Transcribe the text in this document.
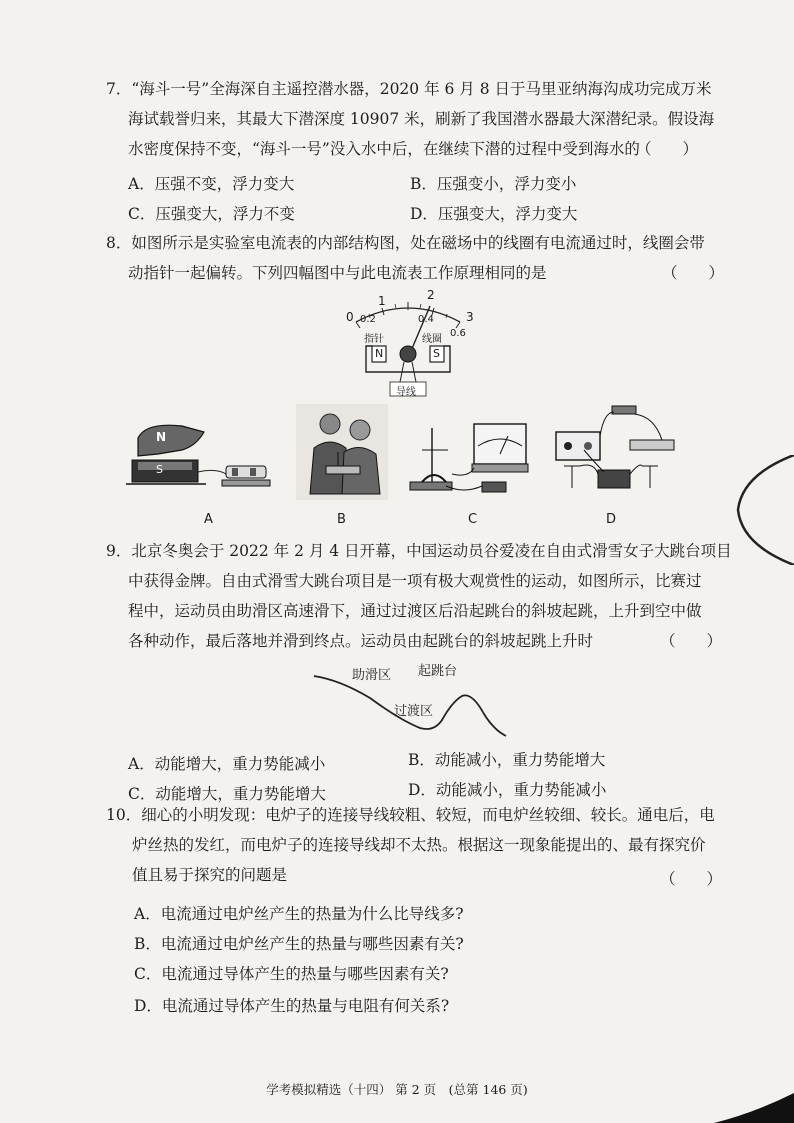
7．“海斗一号”全海深自主遥控潜水器，2020 年 6 月 8 日于马里亚纳海沟成功完成万米
海试载誉归来，其最大下潜深度 10907 米，刷新了我国潜水器最大深潜纪录。假设海
水密度保持不变，“海斗一号”没入水中后，在继续下潜的过程中受到海水的
（　　）
A．压强不变，浮力变大	B．压强变小，浮力变小
C．压强变大，浮力不变	D．压强变大，浮力变大
8．如图所示是实验室电流表的内部结构图，处在磁场中的线圈有电流通过时，线圈会带
动指针一起偏转。下列四幅图中与此电流表工作原理相同的是	（　　）
0
1	2
3
0.2	0.4
0.6
指针	线圈
N	S
导线
N
S
A	B	C	D
9．北京冬奥会于 2022 年 2 月 4 日开幕，中国运动员谷爱凌在自由式滑雪女子大跳台项目
中获得金牌。自由式滑雪大跳台项目是一项有极大观赏性的运动，如图所示，比赛过
程中，运动员由助滑区高速滑下，通过过渡区后沿起跳台的斜坡起跳，上升到空中做
各种动作，最后落地并滑到终点。运动员由起跳台的斜坡起跳上升时	（　　）
助滑区 起跳台
过渡区
A．动能增大，重力势能减小	B．动能减小，重力势能增大
C．动能增大，重力势能增大	D．动能减小，重力势能减小
10．细心的小明发现：电炉子的连接导线较粗、较短，而电炉丝较细、较长。通电后，电
炉丝热的发红，而电炉子的连接导线却不太热。根据这一现象能提出的、最有探究价
值且易于探究的问题是	（　　）
A．电流通过电炉丝产生的热量为什么比导线多?
B．电流通过电炉丝产生的热量与哪些因素有关?
C．电流通过导体产生的热量与哪些因素有关?
D．电流通过导体产生的热量与电阻有何关系?
学考模拟精选（十四） 第 2 页　(总第 146 页)
